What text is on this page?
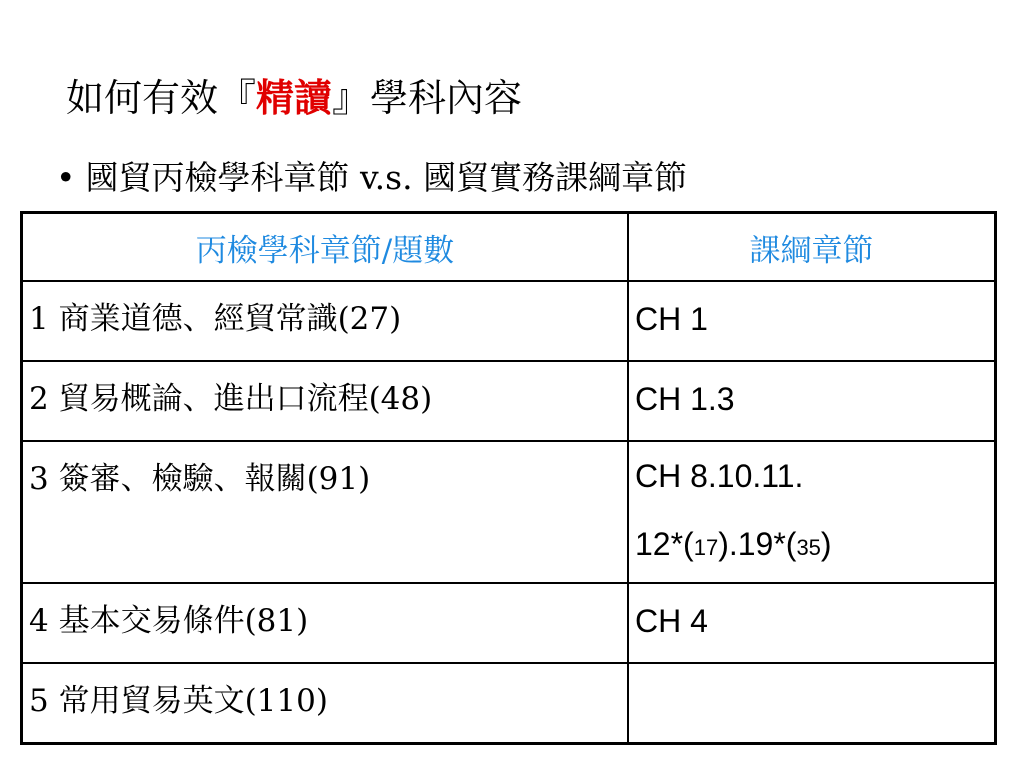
如何有效『精讀』學科內容
• 國貿丙檢學科章節 v.s. 國貿實務課綱章節
丙檢學科章節/題數	課綱章節
1 商業道德、經貿常識(27)	CH 1
2 貿易概論、進出口流程(48)	CH 1.3
3 簽審、檢驗、報關(91)	CH 8.10.11.
12*(17).19*(35)

4 基本交易條件(81)	CH 4
5 常用貿易英文(110)	
